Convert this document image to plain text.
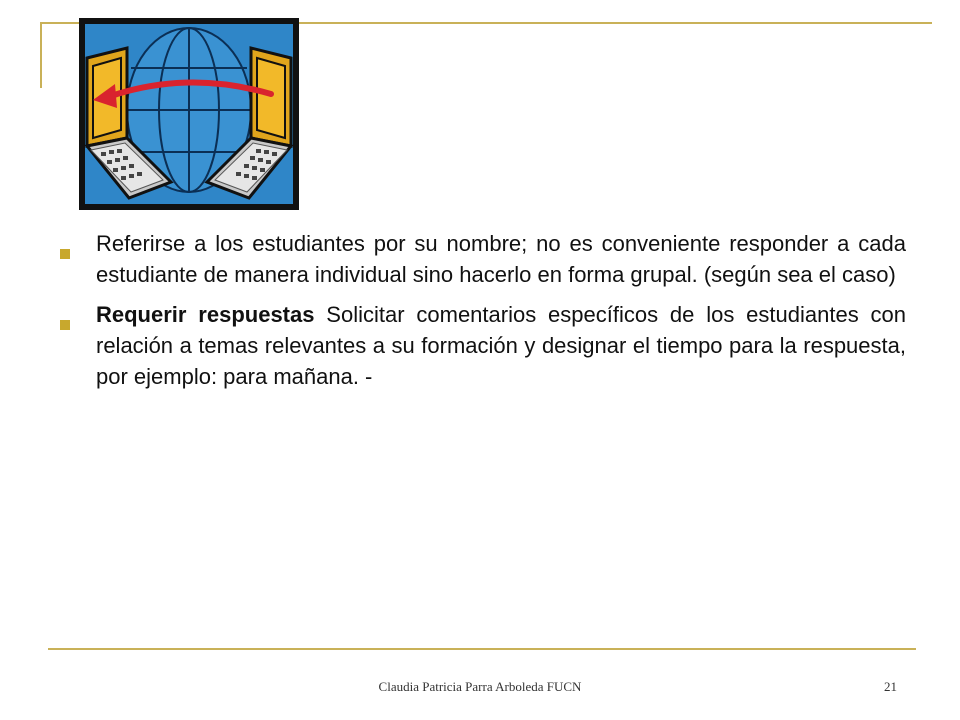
Referirse a los estudiantes por su nombre; no es conveniente responder a cada estudiante de manera individual sino hacerlo en forma grupal. (según sea el caso)
Requerir respuestas Solicitar comentarios específicos de los estudiantes con relación a temas relevantes a su formación y designar el tiempo para la respuesta, por ejemplo: para mañana. -
Claudia Patricia Parra Arboleda FUCN	21
